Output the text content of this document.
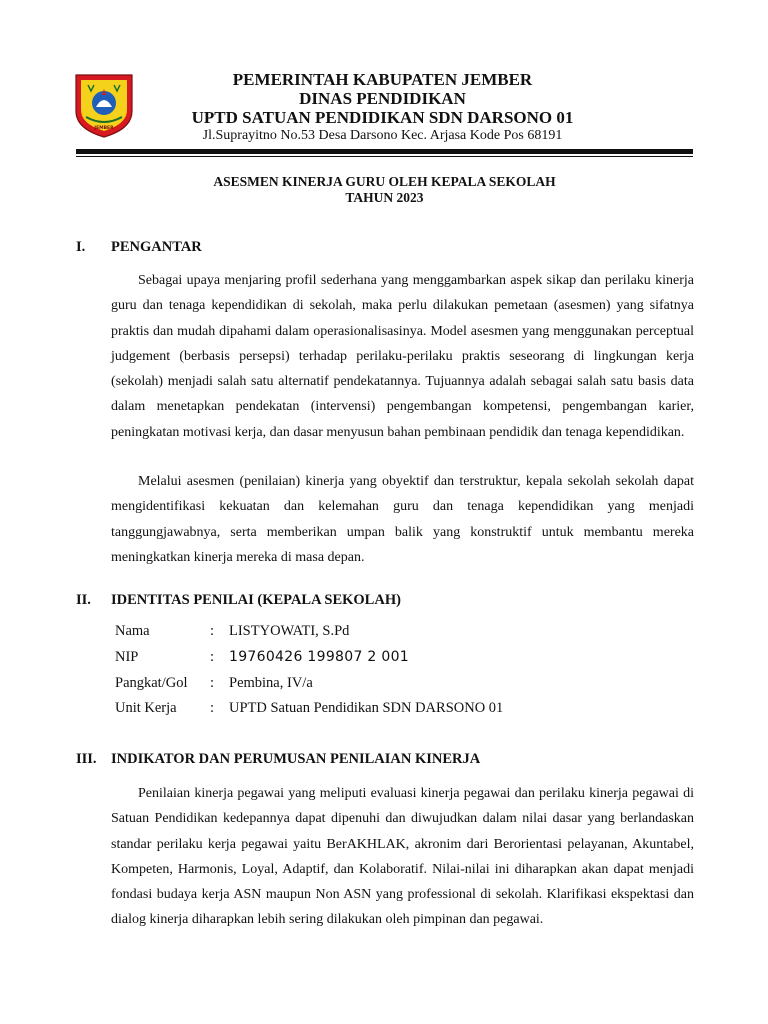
JEMBER
PEMERINTAH KABUPATEN JEMBER
DINAS PENDIDIKAN
UPTD SATUAN PENDIDIKAN SDN DARSONO 01
Jl.Suprayitno No.53 Desa Darsono Kec. Arjasa Kode Pos 68191
ASESMEN KINERJA GURU OLEH KEPALA SEKOLAH
TAHUN 2023
I. PENGANTAR

Sebagai upaya menjaring profil sederhana yang menggambarkan aspek sikap dan perilaku kinerja guru dan tenaga kependidikan di sekolah, maka perlu dilakukan pemetaan (asesmen) yang sifatnya praktis dan mudah dipahami dalam operasionalisasinya. Model asesmen yang menggunakan perceptual judgement (berbasis persepsi) terhadap perilaku-perilaku praktis seseorang di lingkungan kerja (sekolah) menjadi salah satu alternatif pendekatannya. Tujuannya adalah sebagai salah satu basis data dalam menetapkan pendekatan (intervensi) pengembangan kompetensi, pengembangan karier, peningkatan motivasi kerja, dan dasar menyusun bahan pembinaan pendidik dan tenaga kependidikan.

Melalui asesmen (penilaian) kinerja yang obyektif dan terstruktur, kepala sekolah sekolah dapat mengidentifikasi kekuatan dan kelemahan guru dan tenaga kependidikan yang menjadi tanggungjawabnya, serta memberikan umpan balik yang konstruktif untuk membantu mereka meningkatkan kinerja mereka di masa depan.

II. IDENTITAS PENILAI (KEPALA SEKOLAH)
Nama	:	LISTYOWATI, S.Pd
NIP	:	19760426 199807 2 001
Pangkat/Gol	:	Pembina, IV/a
Unit Kerja	:	UPTD Satuan Pendidikan SDN DARSONO 01
III. INDIKATOR DAN PERUMUSAN PENILAIAN KINERJA

Penilaian kinerja pegawai yang meliputi evaluasi kinerja pegawai dan perilaku kinerja pegawai di Satuan Pendidikan kedepannya dapat dipenuhi dan diwujudkan dalam nilai dasar yang berlandaskan standar perilaku kerja pegawai yaitu BerAKHLAK, akronim dari Berorientasi pelayanan, Akuntabel, Kompeten, Harmonis, Loyal, Adaptif, dan Kolaboratif. Nilai-nilai ini diharapkan akan dapat menjadi fondasi budaya kerja ASN maupun Non ASN yang professional di sekolah. Klarifikasi ekspektasi dan dialog kinerja diharapkan lebih sering dilakukan oleh pimpinan dan pegawai.
